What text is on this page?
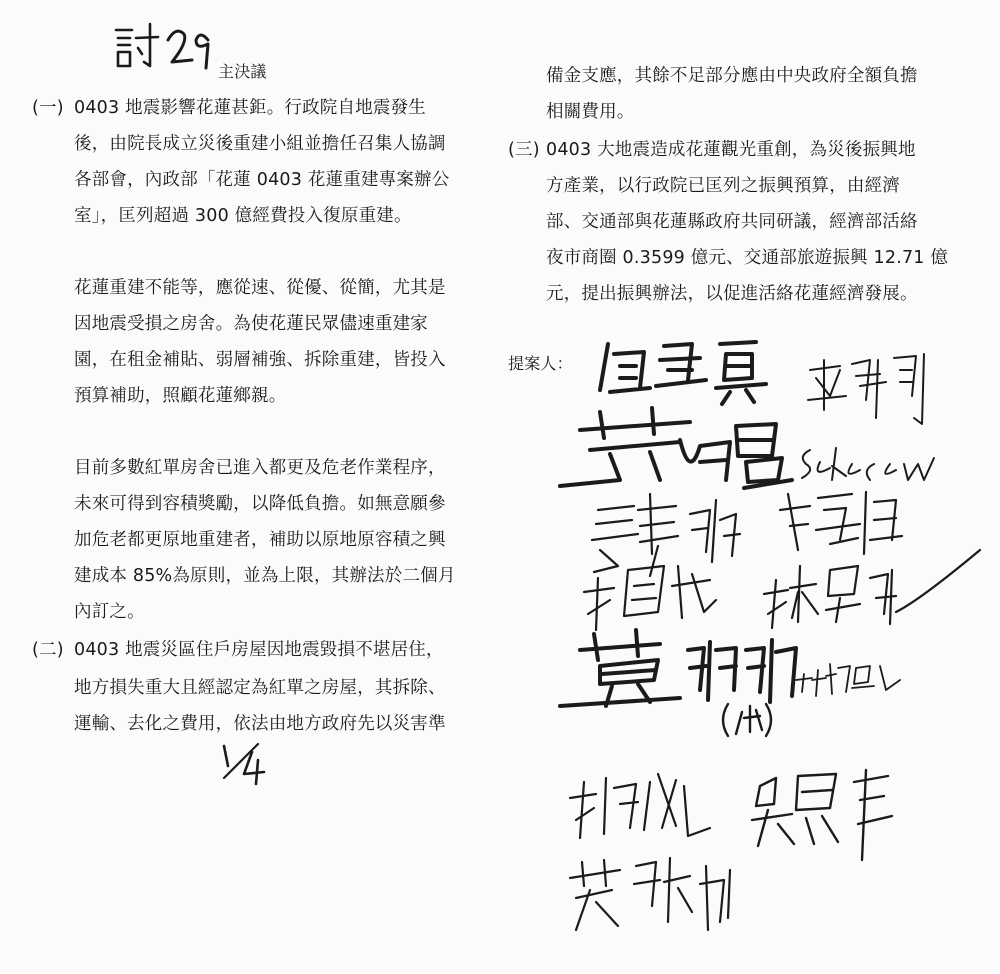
主決議
(一) 0403 地震影響花蓮甚鉅。行政院自地震發生
後，由院長成立災後重建小組並擔任召集人協調
各部會，內政部「花蓮 0403 花蓮重建專案辦公
室」，匡列超過 300 億經費投入復原重建。
花蓮重建不能等，應從速、從優、從簡，尤其是
因地震受損之房舍。為使花蓮民眾儘速重建家
園，在租金補貼、弱層補強、拆除重建，皆投入
預算補助，照顧花蓮鄉親。
目前多數紅單房舍已進入都更及危老作業程序，
未來可得到容積獎勵，以降低負擔。如無意願參
加危老都更原地重建者，補助以原地原容積之興
建成本 85%為原則，並為上限，其辦法於二個月
內訂之。
(二) 0403 地震災區住戶房屋因地震毀損不堪居住，
地方損失重大且經認定為紅單之房屋，其拆除、
運輸、去化之費用，依法由地方政府先以災害準
備金支應，其餘不足部分應由中央政府全額負擔
相關費用。
(三) 0403 大地震造成花蓮觀光重創，為災後振興地
方產業，以行政院已匡列之振興預算，由經濟
部、交通部與花蓮縣政府共同研議，經濟部活絡
夜市商圈 0.3599 億元、交通部旅遊振興 12.71 億
元，提出振興辦法，以促進活絡花蓮經濟發展。
提案人：
